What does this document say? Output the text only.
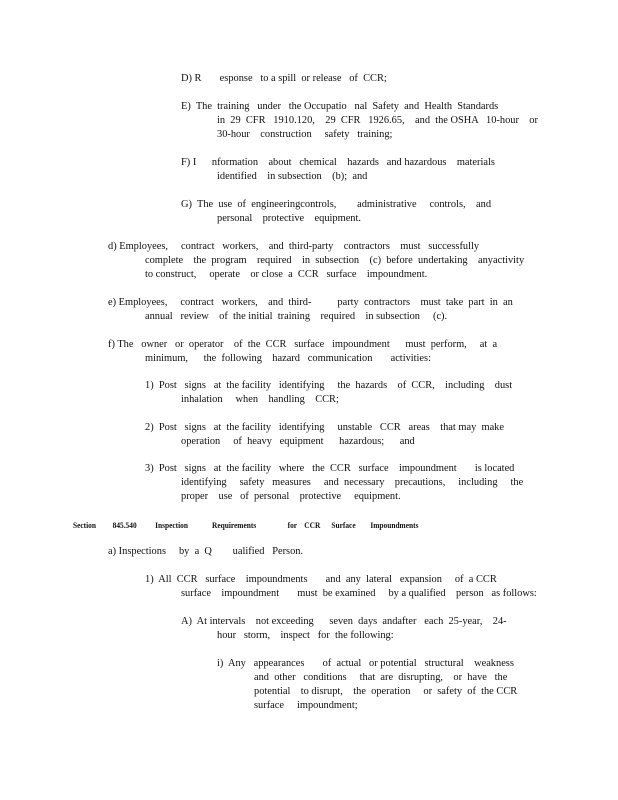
D) R       esponse   to a spill  or release   of  CCR;
E)  The  training   under   the Occupatio   nal  Safety  and  Health  Standards
in  29  CFR   1910.120,    29  CFR   1926.65,    and  the OSHA   10-hour    or
30-hour    construction     safety   training;
F) I      nformation    about   chemical    hazards   and hazardous    materials
identified    in subsection    (b);  and
G)  The  use  of  engineeringcontrols,        administrative     controls,    and
personal    protective    equipment.
d) Employees,     contract   workers,    and  third-party    contractors    must   successfully
complete    the  program    required    in  subsection    (c)  before  undertaking    anyactivity
to construct,     operate    or close  a  CCR   surface    impoundment.
e) Employees,     contract   workers,    and  third-          party  contractors    must  take  part  in  an
annual   review    of  the initial  training    required    in subsection     (c).
f) The   owner   or  operator    of  the  CCR   surface   impoundment      must  perform,     at  a
minimum,      the  following    hazard   communication       activities:
1)  Post   signs   at  the facility   identifying     the  hazards    of  CCR,    including    dust
inhalation     when    handling    CCR;
2)  Post   signs   at  the facility   identifying     unstable   CCR   areas    that may  make
operation     of  heavy   equipment      hazardous;      and
3)  Post   signs   at  the facility   where   the  CCR   surface    impoundment       is located
identifying     safety   measures     and  necessary    precautions,     including     the
proper    use   of  personal    protective     equipment.
Section         845.540          Inspection             Requirements                 for    CCR      Surface        Impoundments
a) Inspections     by  a  Q        ualified   Person.
1)  All  CCR   surface    impoundments       and  any  lateral   expansion     of  a CCR
surface    impoundment       must  be examined     by a qualified    person   as follows:
A)  At intervals    not exceeding      seven  days  andafter   each  25-year,    24-
hour   storm,    inspect   for  the following:
i)  Any   appearances       of  actual   or potential   structural    weakness
and  other   conditions     that  are  disrupting,    or  have   the
potential    to disrupt,    the  operation     or  safety  of  the CCR
surface     impoundment;
